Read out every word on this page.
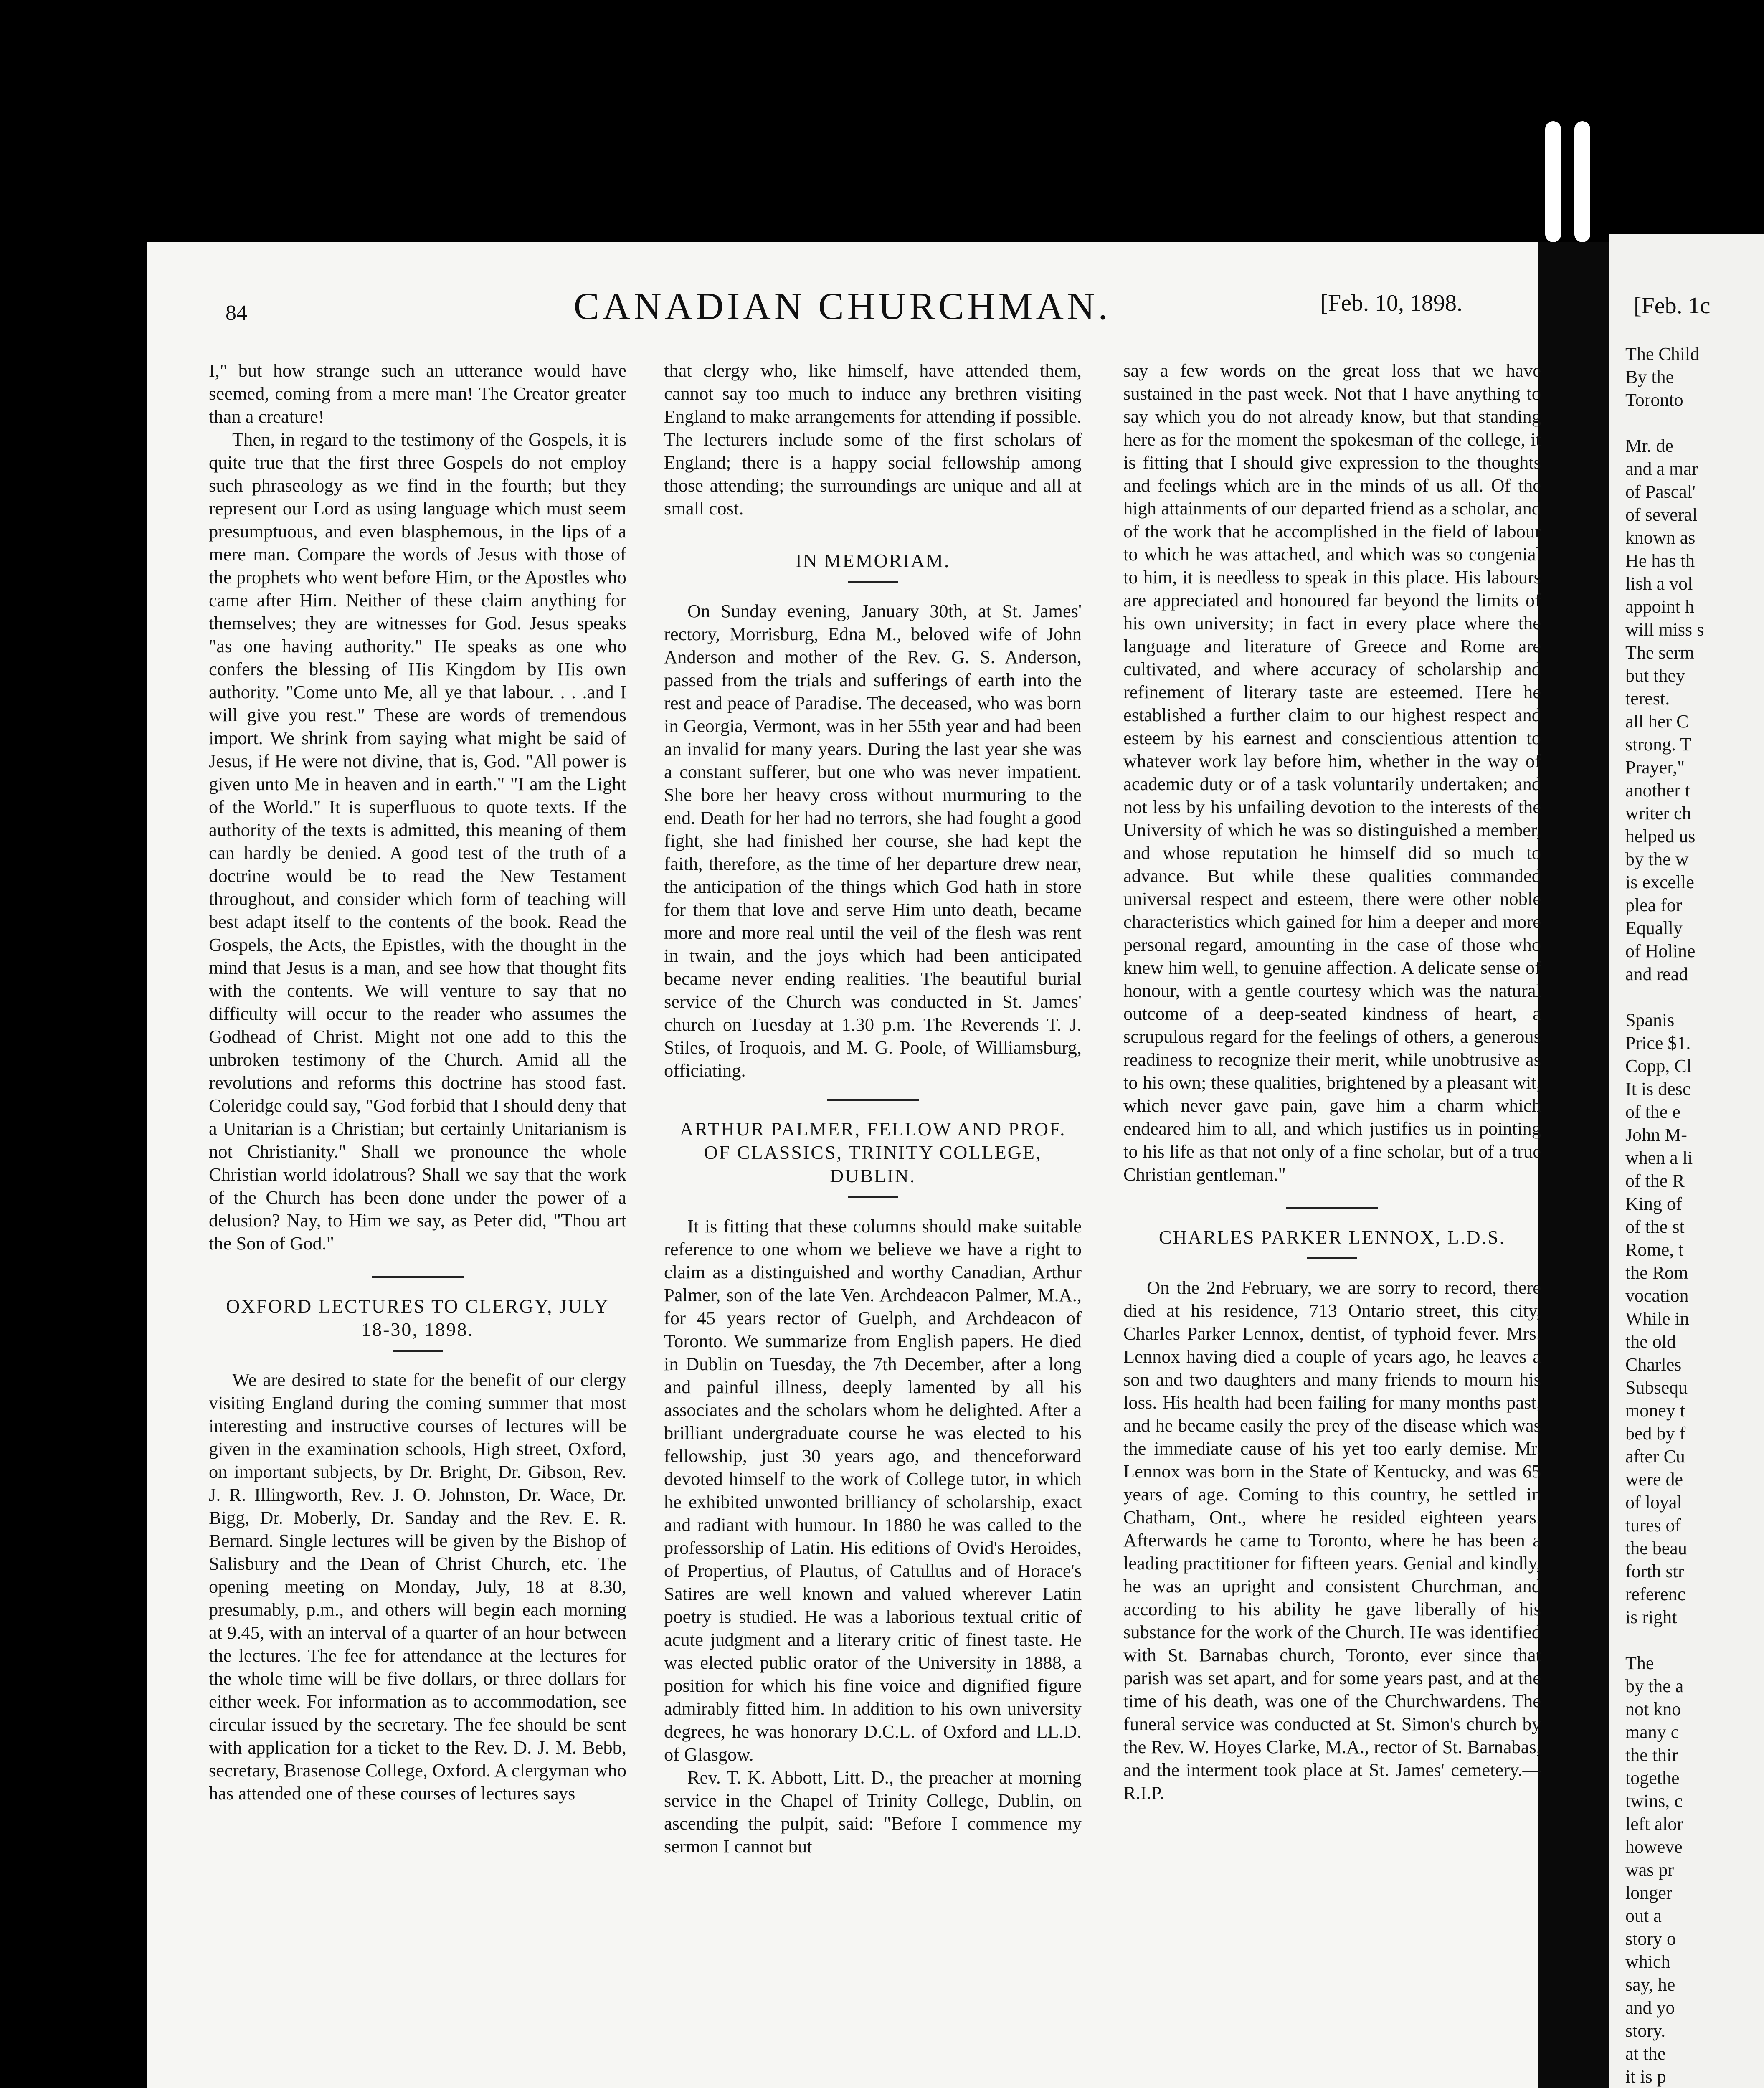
[Feb. 1c
The Child
By the
Toronto

Mr. de
and a mar
of Pascal'
of several
known as
He has th
lish a vol
appoint h
will miss s
The serm
but they
terest.
all her C
strong. T
Prayer,"
another t
writer ch
helped us
by the w
is excelle
plea for
Equally
of Holine
and read

Spanis
Price $1.
Copp, Cl
It is desc
of the e
John M-
when a li
of the R
King of
of the st
Rome, t
the Rom
vocation
While in
the old
Charles
Subsequ
money t
bed by f
after Cu
were de
of loyal
tures of
the beau
forth str
referenc
is right

The
by the a
not kno
many c
the thir
togethe
twins, c
left alor
howeve
was pr
longer
out a
story o
which
say, he
and yo
story.
at the
it is p

84	CANADIAN CHURCHMAN.	[Feb. 10, 1898.

I," but how strange such an utterance would have seemed, coming from a mere man! The Creator greater than a creature!

Then, in regard to the testimony of the Gospels, it is quite true that the first three Gospels do not employ such phraseology as we find in the fourth; but they represent our Lord as using language which must seem presumptuous, and even blasphemous, in the lips of a mere man. Compare the words of Jesus with those of the prophets who went before Him, or the Apostles who came after Him. Neither of these claim anything for themselves; they are witnesses for God. Jesus speaks "as one having authority." He speaks as one who confers the blessing of His Kingdom by His own authority. "Come unto Me, all ye that labour. . . .and I will give you rest." These are words of tremendous import. We shrink from saying what might be said of Jesus, if He were not divine, that is, God. "All power is given unto Me in heaven and in earth." "I am the Light of the World." It is superfluous to quote texts. If the authority of the texts is admitted, this meaning of them can hardly be denied. A good test of the truth of a doctrine would be to read the New Testament throughout, and consider which form of teaching will best adapt itself to the contents of the book. Read the Gospels, the Acts, the Epistles, with the thought in the mind that Jesus is a man, and see how that thought fits with the contents. We will venture to say that no difficulty will occur to the reader who assumes the Godhead of Christ. Might not one add to this the unbroken testimony of the Church. Amid all the revolutions and reforms this doctrine has stood fast. Coleridge could say, "God forbid that I should deny that a Unitarian is a Christian; but certainly Unitarianism is not Christianity." Shall we pronounce the whole Christian world idolatrous? Shall we say that the work of the Church has been done under the power of a delusion? Nay, to Him we say, as Peter did, "Thou art the Son of God."

OXFORD LECTURES TO CLERGY, JULY 18-30, 1898.

We are desired to state for the benefit of our clergy visiting England during the coming summer that most interesting and instructive courses of lectures will be given in the examination schools, High street, Oxford, on important subjects, by Dr. Bright, Dr. Gibson, Rev. J. R. Illingworth, Rev. J. O. Johnston, Dr. Wace, Dr. Bigg, Dr. Moberly, Dr. Sanday and the Rev. E. R. Bernard. Single lectures will be given by the Bishop of Salisbury and the Dean of Christ Church, etc. The opening meeting on Monday, July, 18 at 8.30, presumably, p.m., and others will begin each morning at 9.45, with an interval of a quarter of an hour between the lectures. The fee for attendance at the lectures for the whole time will be five dollars, or three dollars for either week. For information as to accommodation, see circular issued by the secretary. The fee should be sent with application for a ticket to the Rev. D. J. M. Bebb, secretary, Brasenose College, Oxford. A clergyman who has attended one of these courses of lectures says

that clergy who, like himself, have attended them, cannot say too much to induce any brethren visiting England to make arrangements for attending if possible. The lecturers include some of the first scholars of England; there is a happy social fellowship among those attending; the surroundings are unique and all at small cost.

IN MEMORIAM.

On Sunday evening, January 30th, at St. James' rectory, Morrisburg, Edna M., beloved wife of John Anderson and mother of the Rev. G. S. Anderson, passed from the trials and sufferings of earth into the rest and peace of Paradise. The deceased, who was born in Georgia, Vermont, was in her 55th year and had been an invalid for many years. During the last year she was a constant sufferer, but one who was never impatient. She bore her heavy cross without murmuring to the end. Death for her had no terrors, she had fought a good fight, she had finished her course, she had kept the faith, therefore, as the time of her departure drew near, the anticipation of the things which God hath in store for them that love and serve Him unto death, became more and more real until the veil of the flesh was rent in twain, and the joys which had been anticipated became never ending realities. The beautiful burial service of the Church was conducted in St. James' church on Tuesday at 1.30 p.m. The Reverends T. J. Stiles, of Iroquois, and M. G. Poole, of Williamsburg, officiating.

ARTHUR PALMER, FELLOW AND PROF. OF CLASSICS, TRINITY COLLEGE, DUBLIN.

It is fitting that these columns should make suitable reference to one whom we believe we have a right to claim as a distinguished and worthy Canadian, Arthur Palmer, son of the late Ven. Archdeacon Palmer, M.A., for 45 years rector of Guelph, and Archdeacon of Toronto. We summarize from English papers. He died in Dublin on Tuesday, the 7th December, after a long and painful illness, deeply lamented by all his associates and the scholars whom he delighted. After a brilliant undergraduate course he was elected to his fellowship, just 30 years ago, and thenceforward devoted himself to the work of College tutor, in which he exhibited unwonted brilliancy of scholarship, exact and radiant with humour. In 1880 he was called to the professorship of Latin. His editions of Ovid's Heroides, of Propertius, of Plautus, of Catullus and of Horace's Satires are well known and valued wherever Latin poetry is studied. He was a laborious textual critic of acute judgment and a literary critic of finest taste. He was elected public orator of the University in 1888, a position for which his fine voice and dignified figure admirably fitted him. In addition to his own university degrees, he was honorary D.C.L. of Oxford and LL.D. of Glasgow.

Rev. T. K. Abbott, Litt. D., the preacher at morning service in the Chapel of Trinity College, Dublin, on ascending the pulpit, said: "Before I commence my sermon I cannot but

say a few words on the great loss that we have sustained in the past week. Not that I have anything to say which you do not already know, but that standing here as for the moment the spokesman of the college, it is fitting that I should give expression to the thoughts and feelings which are in the minds of us all. Of the high attainments of our departed friend as a scholar, and of the work that he accomplished in the field of labour to which he was attached, and which was so congenial to him, it is needless to speak in this place. His labours are appreciated and honoured far beyond the limits of his own university; in fact in every place where the language and literature of Greece and Rome are cultivated, and where accuracy of scholarship and refinement of literary taste are esteemed. Here he established a further claim to our highest respect and esteem by his earnest and conscientious attention to whatever work lay before him, whether in the way of academic duty or of a task voluntarily undertaken; and not less by his unfailing devotion to the interests of the University of which he was so distinguished a member, and whose reputation he himself did so much to advance. But while these qualities commanded universal respect and esteem, there were other noble characteristics which gained for him a deeper and more personal regard, amounting in the case of those who knew him well, to genuine affection. A delicate sense of honour, with a gentle courtesy which was the natural outcome of a deep-seated kindness of heart, a scrupulous regard for the feelings of others, a generous readiness to recognize their merit, while unobtrusive as to his own; these qualities, brightened by a pleasant wit, which never gave pain, gave him a charm which endeared him to all, and which justifies us in pointing to his life as that not only of a fine scholar, but of a true Christian gentleman."

CHARLES PARKER LENNOX, L.D.S.

On the 2nd February, we are sorry to record, there died at his residence, 713 Ontario street, this city, Charles Parker Lennox, dentist, of typhoid fever. Mrs. Lennox having died a couple of years ago, he leaves a son and two daughters and many friends to mourn his loss. His health had been failing for many months past, and he became easily the prey of the disease which was the immediate cause of his yet too early demise. Mr. Lennox was born in the State of Kentucky, and was 65 years of age. Coming to this country, he settled in Chatham, Ont., where he resided eighteen years. Afterwards he came to Toronto, where he has been a leading practitioner for fifteen years. Genial and kindly, he was an upright and consistent Churchman, and according to his ability he gave liberally of his substance for the work of the Church. He was identified with St. Barnabas church, Toronto, ever since that parish was set apart, and for some years past, and at the time of his death, was one of the Churchwardens. The funeral service was conducted at St. Simon's church by the Rev. W. Hoyes Clarke, M.A., rector of St. Barnabas, and the interment took place at St. James' cemetery.—R.I.P.
